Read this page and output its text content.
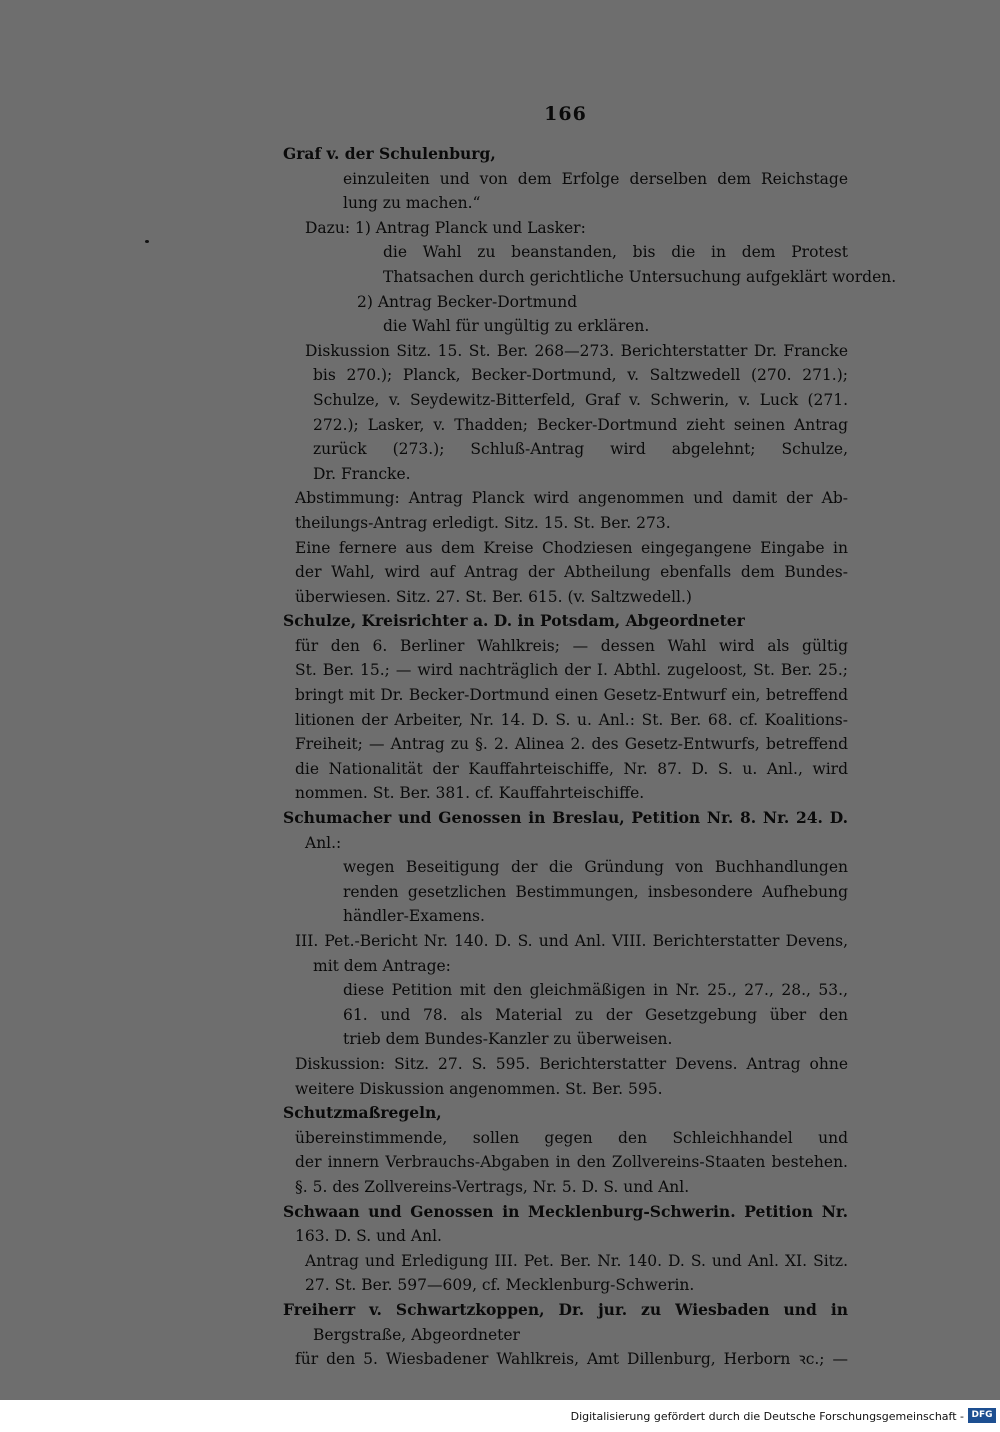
166
Graf v. der Schulenburg,
einzuleiten und von dem Erfolge derselben dem Reichstage
lung zu machen.“
Dazu: 1) Antrag Planck und Lasker:
die Wahl zu beanstanden, bis die in dem Protest
Thatsachen durch gerichtliche Untersuchung aufgeklärt worden.
2) Antrag Becker-Dortmund
die Wahl für ungültig zu erklären.
Diskussion Sitz. 15. St. Ber. 268—273. Berichterstatter Dr. Francke
bis 270.); Planck, Becker-Dortmund, v. Saltzwedell (270. 271.);
Schulze, v. Seydewitz-Bitterfeld, Graf v. Schwerin, v. Luck (271.
272.); Lasker, v. Thadden; Becker-Dortmund zieht seinen Antrag
zurück (273.); Schluß-Antrag wird abgelehnt; Schulze,
Dr. Francke.
Abstimmung: Antrag Planck wird angenommen und damit der Ab-
theilungs-Antrag erledigt. Sitz. 15. St. Ber. 273.
Eine fernere aus dem Kreise Chodziesen eingegangene Eingabe in
der Wahl, wird auf Antrag der Abtheilung ebenfalls dem Bundes-
überwiesen. Sitz. 27. St. Ber. 615. (v. Saltzwedell.)
Schulze, Kreisrichter a. D. in Potsdam, Abgeordneter
für den 6. Berliner Wahlkreis; — dessen Wahl wird als gültig
St. Ber. 15.; — wird nachträglich der I. Abthl. zugeloost, St. Ber. 25.;
bringt mit Dr. Becker-Dortmund einen Gesetz-Entwurf ein, betreffend
litionen der Arbeiter, Nr. 14. D. S. u. Anl.: St. Ber. 68. cf. Koalitions-
Freiheit; — Antrag zu §. 2. Alinea 2. des Gesetz-Entwurfs, betreffend
die Nationalität der Kauffahrteischiffe, Nr. 87. D. S. u. Anl., wird
nommen. St. Ber. 381. cf. Kauffahrteischiffe.
Schumacher und Genossen in Breslau, Petition Nr. 8. Nr. 24. D.
Anl.:
wegen Beseitigung der die Gründung von Buchhandlungen
renden gesetzlichen Bestimmungen, insbesondere Aufhebung
händler-Examens.
III. Pet.-Bericht Nr. 140. D. S. und Anl. VIII. Berichterstatter Devens,
mit dem Antrage:
diese Petition mit den gleichmäßigen in Nr. 25., 27., 28., 53.,
61. und 78. als Material zu der Gesetzgebung über den
trieb dem Bundes-Kanzler zu überweisen.
Diskussion: Sitz. 27. S. 595. Berichterstatter Devens. Antrag ohne
weitere Diskussion angenommen. St. Ber. 595.
Schutzmaßregeln,
übereinstimmende, sollen gegen den Schleichhandel und
der innern Verbrauchs-Abgaben in den Zollvereins-Staaten bestehen.
§. 5. des Zollvereins-Vertrags, Nr. 5. D. S. und Anl.
Schwaan und Genossen in Mecklenburg-Schwerin. Petition Nr.
163. D. S. und Anl.
Antrag und Erledigung III. Pet. Ber. Nr. 140. D. S. und Anl. XI. Sitz.
27. St. Ber. 597—609, cf. Mecklenburg-Schwerin.
Freiherr v. Schwartzkoppen, Dr. jur. zu Wiesbaden und in
Bergstraße, Abgeordneter
für den 5. Wiesbadener Wahlkreis, Amt Dillenburg, Herborn ꝛc.; —
Digitalisierung gefördert durch die Deutsche Forschungsgemeinschaft - DFG
